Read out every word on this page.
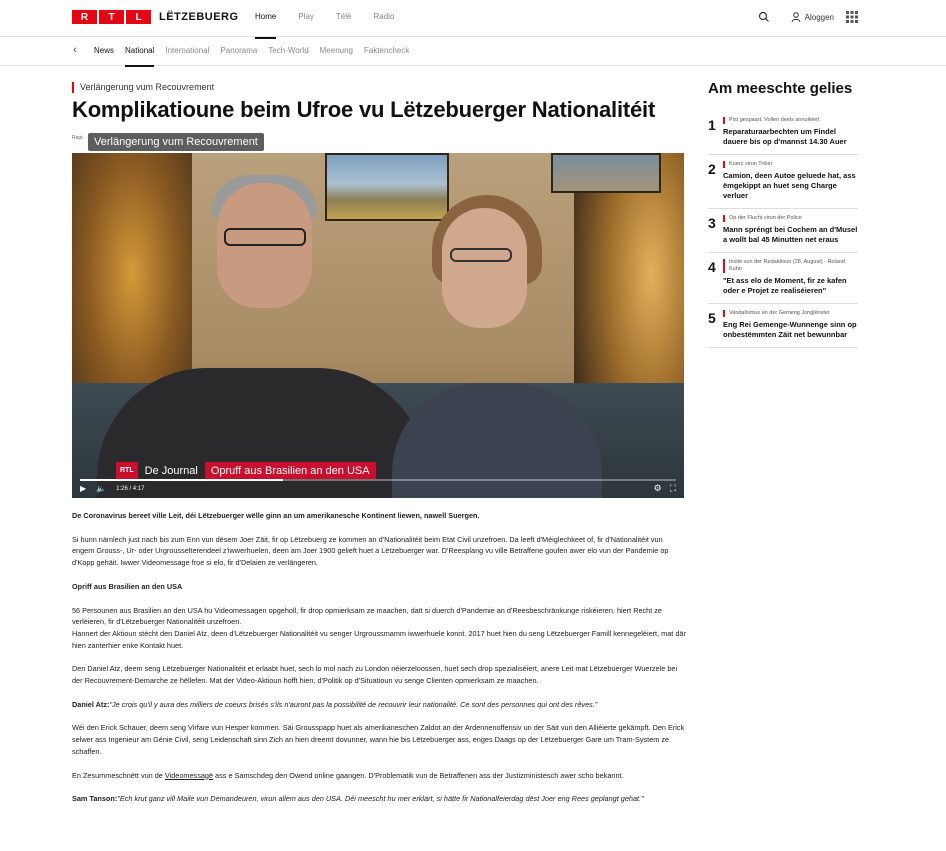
R	T	L	LËTZEBUERG Home	Play	Télé	Radio	Aloggen
‹ News National International Panorama Tech-World Meenung Faktencheck
Verlängerung vum Recouvrement
Komplikatioune beim Ufroe vu Lëtzebuerger Nationalitéit
Rapt	Verlängerung vum Recouvrement
RTL	De Journal	Opruff aus Brasilien an den USA
▶ 🔈 1:26 / 4:17	⚙ ⛶

De Coronavirus bereet ville Leit, déi Lëtzebuerger wëlle ginn an um amerikanesche Kontinent liewen, nawell Suergen.

Si hunn nämlech just nach bis zum Enn vun dësem Joer Zäit, fir op Lëtzebuerg ze kommen an d'Nationalitéit beim Etat Civil unzefroen. Da leeft d'Méiglechkeet of, fir d'Nationalitéit vun engem Grouss-, Ur- oder Urgrousselterendeel z'iwwerhuelen, deen am Joer 1900 gelieft huet a Lëtzebuerger war. D'Reesplang vu ville Betraffene goufen awer elo vun der Pandemie op d'Kopp gehäit. Iwwer Videomessage froe si elo, fir d'Delaien ze verlängeren.

Opriff aus Brasilien an den USA

56 Persounen aus Brasilien an den USA hu Videomessagen opgeholl, fir drop opmierksam ze maachen, datt si duerch d'Pandemie an d'Reesbeschränkunge riskéieren, hiert Recht ze verléieren, fir d'Lëtzebuerger Nationalitéit unzefroen.
Hannert der Aktioun stécht den Daniel Atz, deen d'Lëtzebuerger Nationalitéit vu senger Urgroussmamm iwwerhuele konnt. 2017 huet hien du seng Lëtzebuerger Famill kennegeléiert, mat där hien zanterhier enke Kontakt huet.

Den Daniel Atz, deem seng Lëtzebuerger Nationalitéit et erlaabt huet, sech lo mol nach zu London néierzeloossen, huet sech drop spezialiséiert, anere Leit mat Lëtzebuerger Wuerzele bei der Recouvrement-Demarche ze hëllefen. Mat der Video-Aktioun hofft hien, d'Politik op d'Situatioun vu senge Clienten opmierksam ze maachen.

Daniel Atz:"Je crois qu'il y aura des milliers de coeurs brisés s'ils n'auront pas la possibilité de recouvrir leur nationalité. Ce sont des personnes qui ont des rêves."

Wéi den Erick Schauer, deem seng Virfare vun Hesper kommen. Säi Grousspapp huet als amerikaneschen Zaldot an der Ardennenoffensiv un der Säit vun den Alliéierte gekämpft. Den Erick selwer ass Ingenieur am Génie Civil, seng Leidenschaft sinn Zich an hien dreemt dovunner, wann hie bis Lëtzebuerger ass, enges Daags op der Lëtzebuerger Gare um Tram-System ze schaffen.

En Zesummeschnëtt vun de Videomessagë ass e Samschdeg den Owend online gaangen. D'Problematik vun de Betraffenen ass der Justizministesch awer scho bekannt.

Sam Tanson:"Ech krut ganz vill Maile vun Demandeuren, virun allem aus den USA. Déi meescht hu mer erklärt, si hätte fir Nationalfeierdag dëst Joer eng Rees geplangt gehat."

Am meeschte gelies
1	Pist gespaart, Vollen deels annuléiert
Reparaturaarbechten um Findel dauere bis op d'mannst 14.30 Auer
2	Kuerz virun Trëier
Camion, deen Autoe geluede hat, ass ëmgekippt an huet seng Charge verluer
3	Op der Flucht virun der Police
Mann spréngt bei Cochem an d'Musel a wollt bal 45 Minutten net eraus
4	Invité vun der Redaktioun (28. August) - Roland Kuhn
"Et ass elo de Moment, fir ze kafen oder e Projet ze realiséieren"
5	Vandalismus an der Gemeng Jonglënster
Eng Rei Gemenge-Wunnenge sinn op onbestëmmten Zäit net bewunnbar
